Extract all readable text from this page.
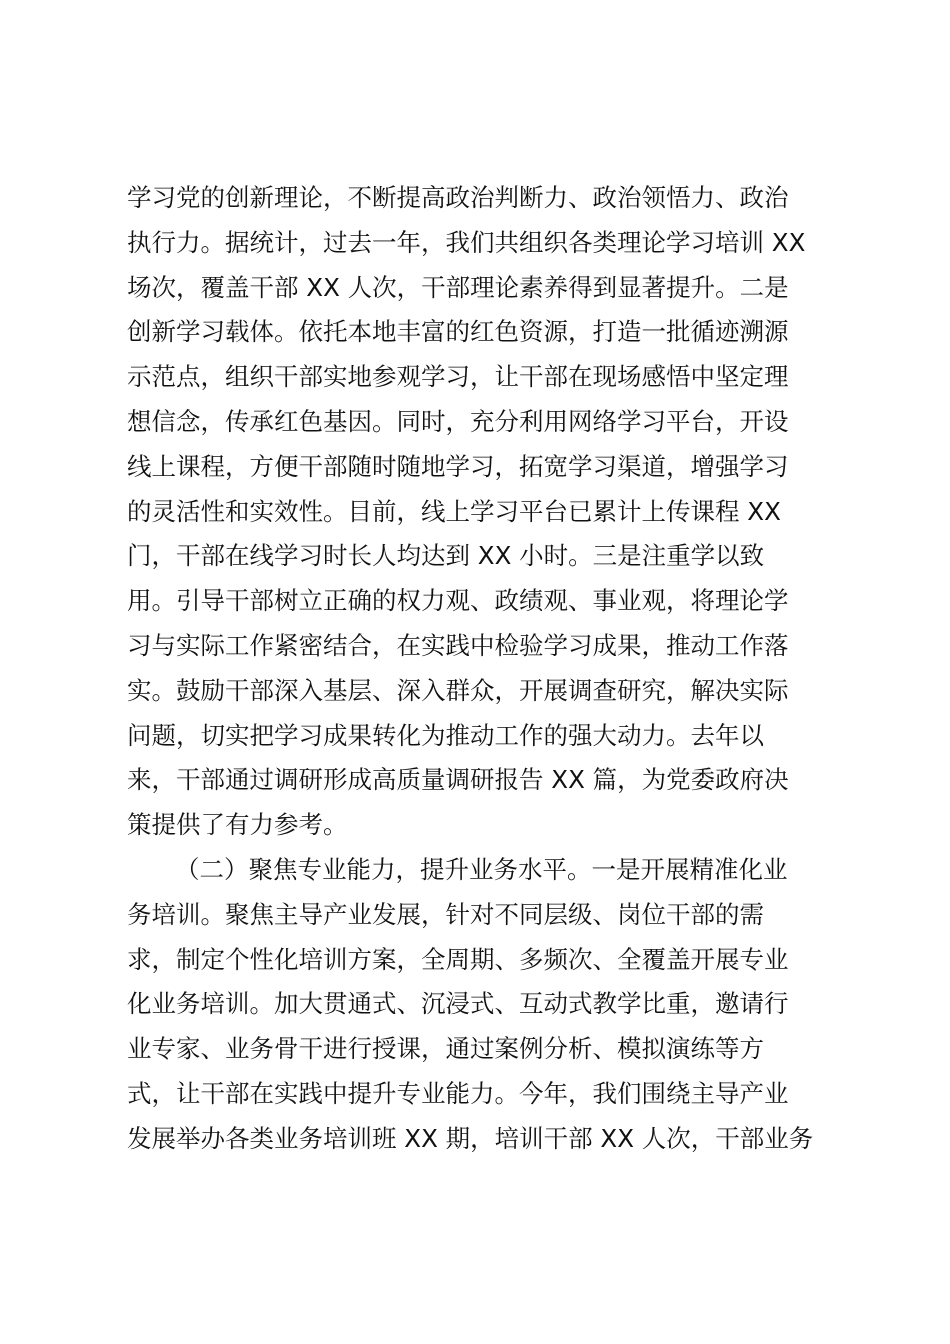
学习党的创新理论，不断提高政治判断力、政治领悟力、政治
执行力。据统计，过去一年，我们共组织各类理论学习培训 XX
场次，覆盖干部 XX 人次，干部理论素养得到显著提升。二是
创新学习载体。依托本地丰富的红色资源，打造一批循迹溯源
示范点，组织干部实地参观学习，让干部在现场感悟中坚定理
想信念，传承红色基因。同时，充分利用网络学习平台，开设
线上课程，方便干部随时随地学习，拓宽学习渠道，增强学习
的灵活性和实效性。目前，线上学习平台已累计上传课程 XX
门，干部在线学习时长人均达到 XX 小时。三是注重学以致
用。引导干部树立正确的权力观、政绩观、事业观，将理论学
习与实际工作紧密结合，在实践中检验学习成果，推动工作落
实。鼓励干部深入基层、深入群众，开展调查研究，解决实际
问题，切实把学习成果转化为推动工作的强大动力。去年以
来，干部通过调研形成高质量调研报告 XX 篇，为党委政府决
策提供了有力参考。
（二）聚焦专业能力，提升业务水平。一是开展精准化业
务培训。聚焦主导产业发展，针对不同层级、岗位干部的需
求，制定个性化培训方案，全周期、多频次、全覆盖开展专业
化业务培训。加大贯通式、沉浸式、互动式教学比重，邀请行
业专家、业务骨干进行授课，通过案例分析、模拟演练等方
式，让干部在实践中提升专业能力。今年，我们围绕主导产业
发展举办各类业务培训班 XX 期，培训干部 XX 人次，干部业务
